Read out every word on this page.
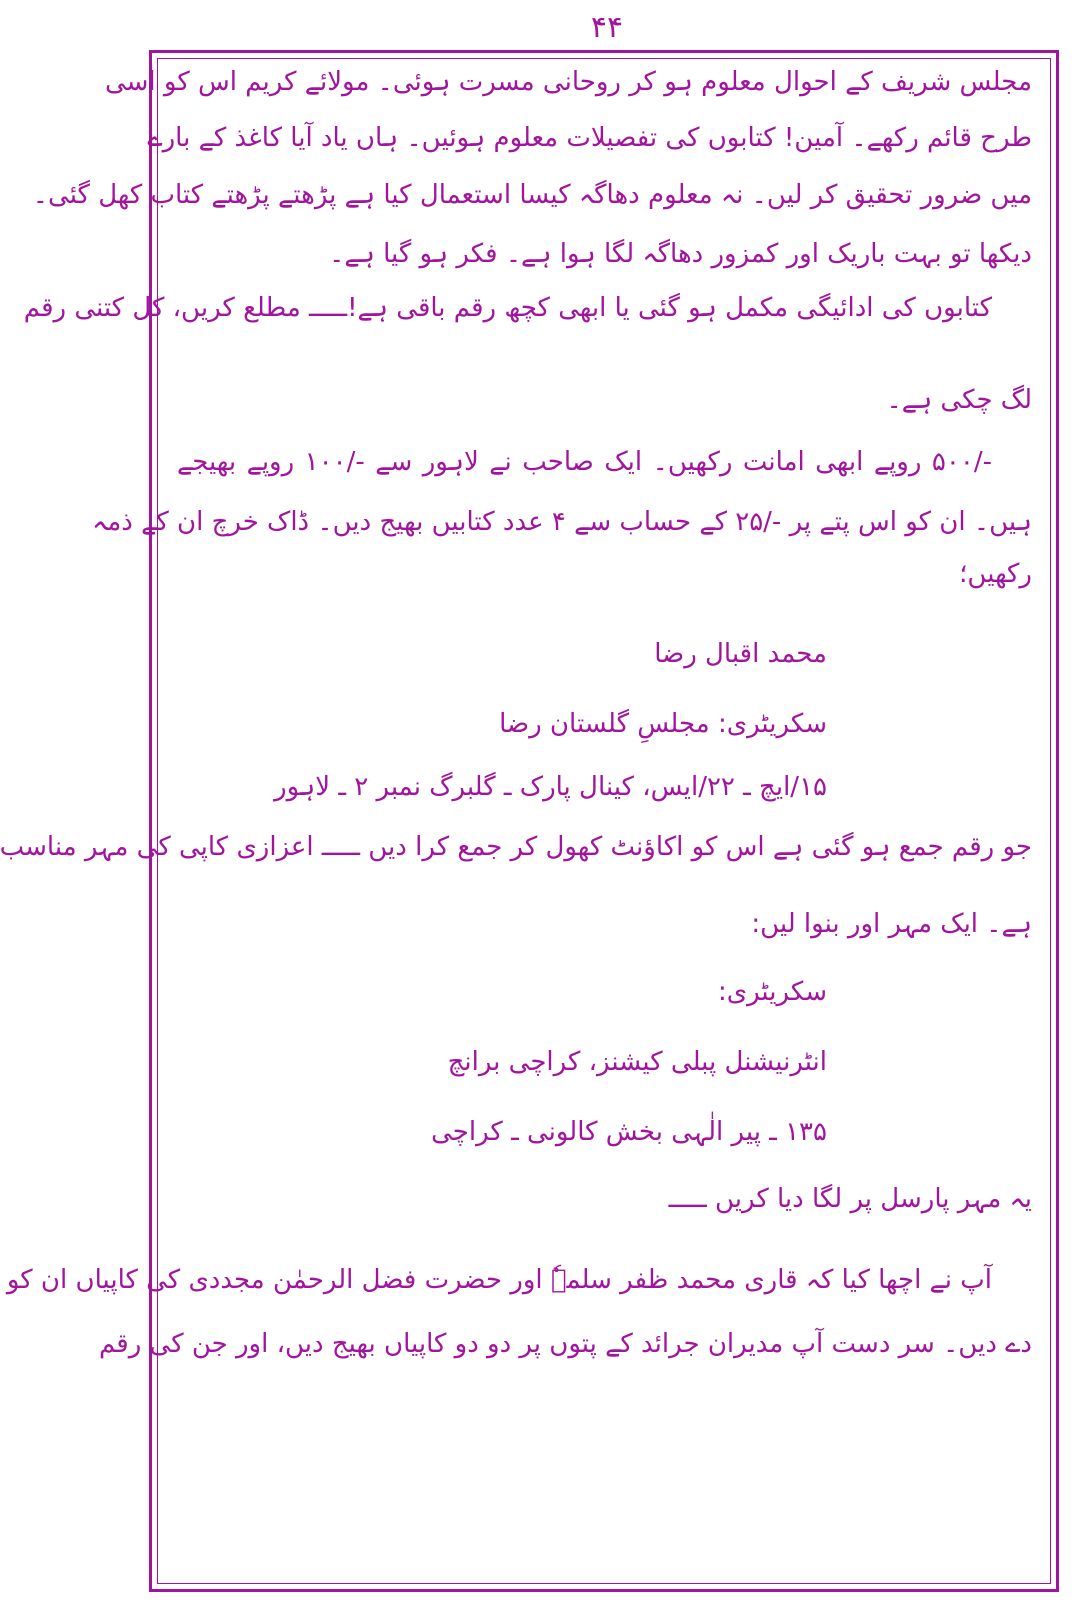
۴۴
مجلس شریف کے احوال معلوم ہو کر روحانی مسرت ہوئی۔ مولائے کریم اس کو اسی
طرح قائم رکھے۔ آمین! کتابوں کی تفصیلات معلوم ہوئیں۔ ہاں یاد آیا کاغذ کے بارے
میں ضرور تحقیق کر لیں۔ نہ معلوم دھاگہ کیسا استعمال کیا ہے پڑھتے پڑھتے کتاب کھل گئی۔
دیکھا تو بہت باریک اور کمزور دھاگہ لگا ہوا ہے۔ فکر ہو گیا ہے۔
کتابوں کی ادائیگی مکمل ہو گئی یا ابھی کچھ رقم باقی ہے!ـــــ مطلع کریں، کل کتنی رقم
لگ چکی ہے۔
-/۵۰۰ روپے ابھی امانت رکھیں۔ ایک صاحب نے لاہور سے -/۱۰۰ روپے بھیجے
ہیں۔ ان کو اس پتے پر -/۲۵ کے حساب سے ۴ عدد کتابیں بھیج دیں۔ ڈاک خرچ ان کے ذمہ
رکھیں؛
محمد اقبال رضا
سکریٹری: مجلسِ گلستان رضا
۱۵/ایچ ـ ۲۲/ایس، کینال پارک ـ گلبرگ نمبر ۲ ـ لاہور
جو رقم جمع ہو گئی ہے اس کو اکاؤنٹ کھول کر جمع کرا دیں ـــــ اعزازی کاپی کی مہر مناسب
ہے۔ ایک مہر اور بنوا لیں:
سکریٹری:
انٹرنیشنل پبلی کیشنز، کراچی برانچ
۱۳۵ ـ پیر الٰہی بخش کالونی ـ کراچی
یہ مہر پارسل پر لگا دیا کریں ـــــ
آپ نے اچھا کیا کہ قاری محمد ظفر سلمہٗ اور حضرت فضل الرحمٰن مجددی کی کاپیاں ان کو
دے دیں۔ سر دست آپ مدیران جرائد کے پتوں پر دو دو کاپیاں بھیج دیں، اور جن کی رقم
